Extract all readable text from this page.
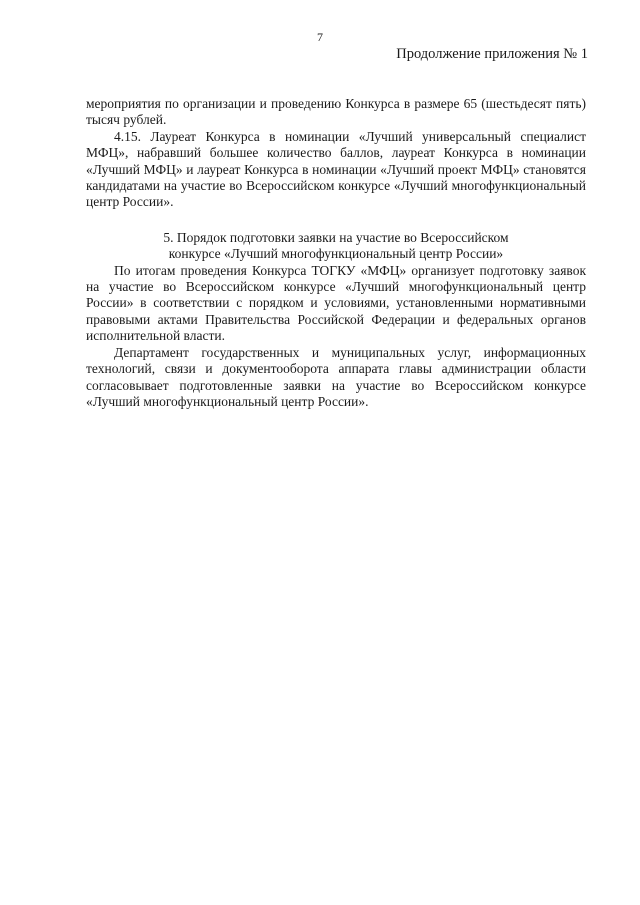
7
Продолжение приложения № 1

мероприятия по организации и проведению Конкурса в размере 65 (шестьдесят пять) тысяч рублей.

4.15. Лауреат Конкурса в номинации «Лучший универсальный специалист МФЦ», набравший большее количество баллов, лауреат Конкурса в номинации «Лучший МФЦ» и лауреат Конкурса в номинации «Лучший проект МФЦ» становятся кандидатами на участие во Всероссийском конкурсе «Лучший многофункциональный центр России».

5. Порядок подготовки заявки на участие во Всероссийском
конкурсе «Лучший многофункциональный центр России»

По итогам проведения Конкурса ТОГКУ «МФЦ» организует подготовку заявок на участие во Всероссийском конкурсе «Лучший многофункциональный центр России» в соответствии с порядком и условиями, установленными нормативными правовыми актами Правительства Российской Федерации и федеральных органов исполнительной власти.

Департамент государственных и муниципальных услуг, информационных технологий, связи и документооборота аппарата главы администрации области согласовывает подготовленные заявки на участие во Всероссийском конкурсе «Лучший многофункциональный центр России».
